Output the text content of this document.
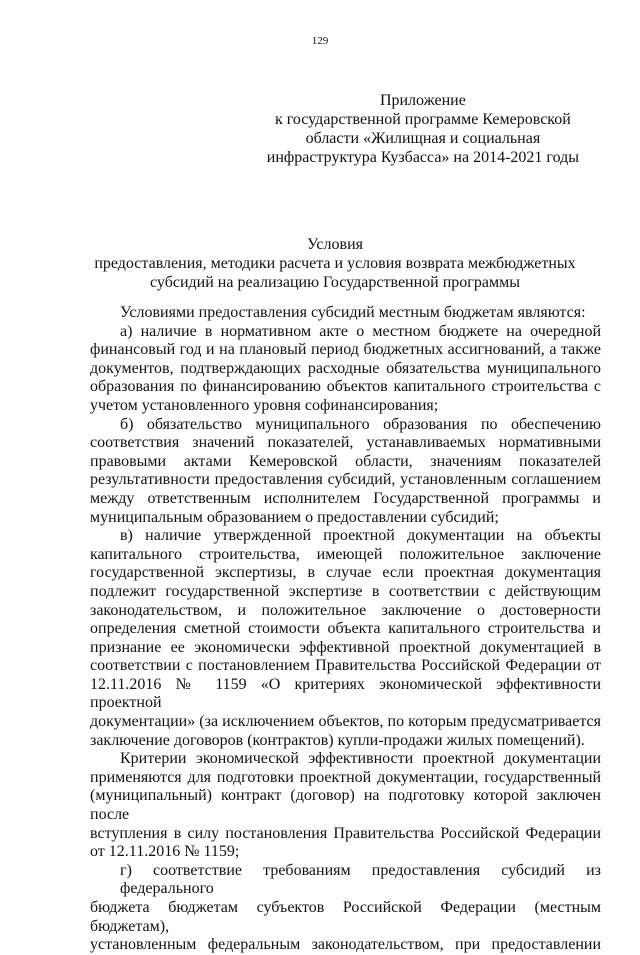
129
Приложение
к государственной программе Кемеровской
области «Жилищная и социальная
инфраструктура Кузбасса» на 2014-2021 годы
Условия
предоставления, методики расчета и условия возврата межбюджетных
субсидий на реализацию Государственной программы
Условиями предоставления субсидий местным бюджетам являются:
а) наличие в нормативном акте о местном бюджете на очередной
финансовый год и на плановый период бюджетных ассигнований, а также
документов, подтверждающих расходные обязательства муниципального
образования по финансированию объектов капитального строительства с
учетом установленного уровня софинансирования;
б) обязательство муниципального образования по обеспечению
соответствия значений показателей, устанавливаемых нормативными
правовыми актами Кемеровской области, значениям показателей
результативности предоставления субсидий, установленным соглашением
между ответственным исполнителем Государственной программы и
муниципальным образованием о предоставлении субсидий;
в) наличие утвержденной проектной документации на объекты
капитального строительства, имеющей положительное заключение
государственной экспертизы, в случае если проектная документация
подлежит государственной экспертизе в соответствии с действующим
законодательством, и положительное заключение о достоверности
определения сметной стоимости объекта капитального строительства и
признание ее экономически эффективной проектной документацией в
соответствии с постановлением Правительства Российской Федерации от
12.11.2016 № 1159 «О критериях экономической эффективности проектной
документации» (за исключением объектов, по которым предусматривается
заключение договоров (контрактов) купли-продажи жилых помещений).
Критерии экономической эффективности проектной документации
применяются для подготовки проектной документации, государственный
(муниципальный) контракт (договор) на подготовку которой заключен после
вступления в силу постановления Правительства Российской Федерации
от 12.11.2016 № 1159;
г) соответствие требованиям предоставления субсидий из федерального
бюджета бюджетам субъектов Российской Федерации (местным бюджетам),
установленным федеральным законодательством, при предоставлении
